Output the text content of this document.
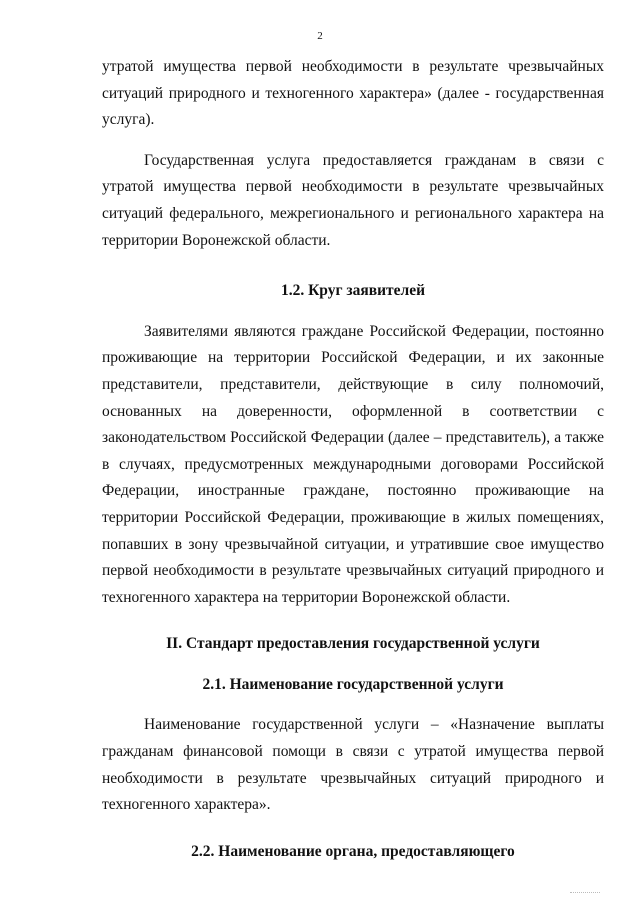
2

утратой имущества первой необходимости в результате чрезвычайных ситуаций природного и техногенного характера» (далее - государственная услуга).

Государственная услуга предоставляется гражданам в связи с утратой имущества первой необходимости в результате чрезвычайных ситуаций федерального, межрегионального и регионального характера на территории Воронежской области.

1.2. Круг заявителей

Заявителями являются граждане Российской Федерации, постоянно проживающие на территории Российской Федерации, и их законные представители, представители, действующие в силу полномочий, основанных на доверенности, оформленной в соответствии с законодательством Российской Федерации (далее – представитель), а также в случаях, предусмотренных международными договорами Российской Федерации, иностранные граждане, постоянно проживающие на территории Российской Федерации, проживающие в жилых помещениях, попавших в зону чрезвычайной ситуации, и утратившие свое имущество первой необходимости в результате чрезвычайных ситуаций природного и техногенного характера на территории Воронежской области.

II. Стандарт предоставления государственной услуги

2.1. Наименование государственной услуги

Наименование государственной услуги – «Назначение выплаты гражданам финансовой помощи в связи с утратой имущества первой необходимости в результате чрезвычайных ситуаций природного и техногенного характера».

2.2. Наименование органа, предоставляющего
